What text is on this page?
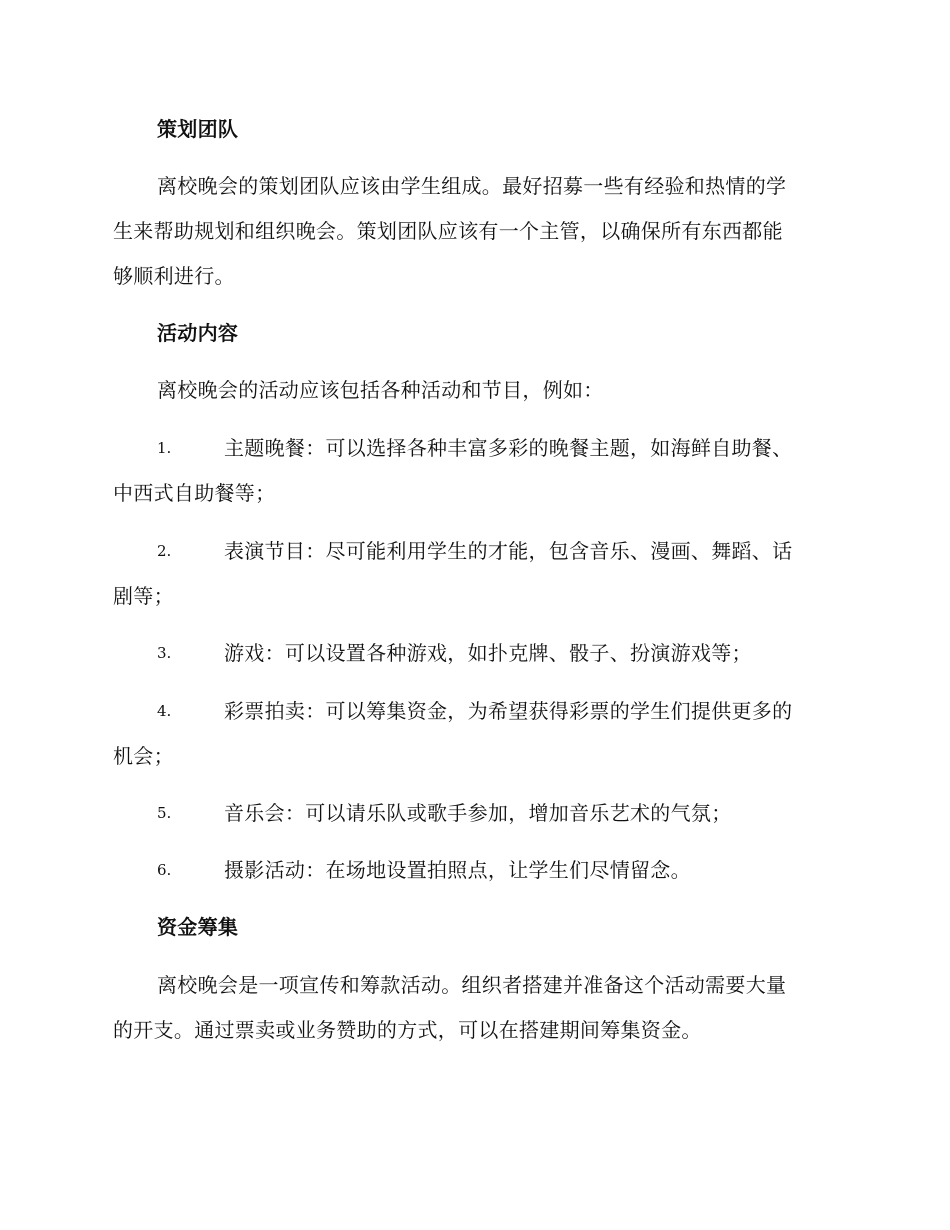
策划团队
离校晚会的策划团队应该由学生组成。最好招募一些有经验和热情的学
生来帮助规划和组织晚会。策划团队应该有一个主管，以确保所有东西都能
够顺利进行。
活动内容
离校晚会的活动应该包括各种活动和节目，例如：
1.	主题晚餐：可以选择各种丰富多彩的晚餐主题，如海鲜自助餐、
中西式自助餐等；
2.	表演节目：尽可能利用学生的才能，包含音乐、漫画、舞蹈、话
剧等；
3.	游戏：可以设置各种游戏，如扑克牌、骰子、扮演游戏等；
4.	彩票拍卖：可以筹集资金，为希望获得彩票的学生们提供更多的
机会；
5.	音乐会：可以请乐队或歌手参加，增加音乐艺术的气氛；
6.	摄影活动：在场地设置拍照点，让学生们尽情留念。
资金筹集
离校晚会是一项宣传和筹款活动。组织者搭建并准备这个活动需要大量
的开支。通过票卖或业务赞助的方式，可以在搭建期间筹集资金。
